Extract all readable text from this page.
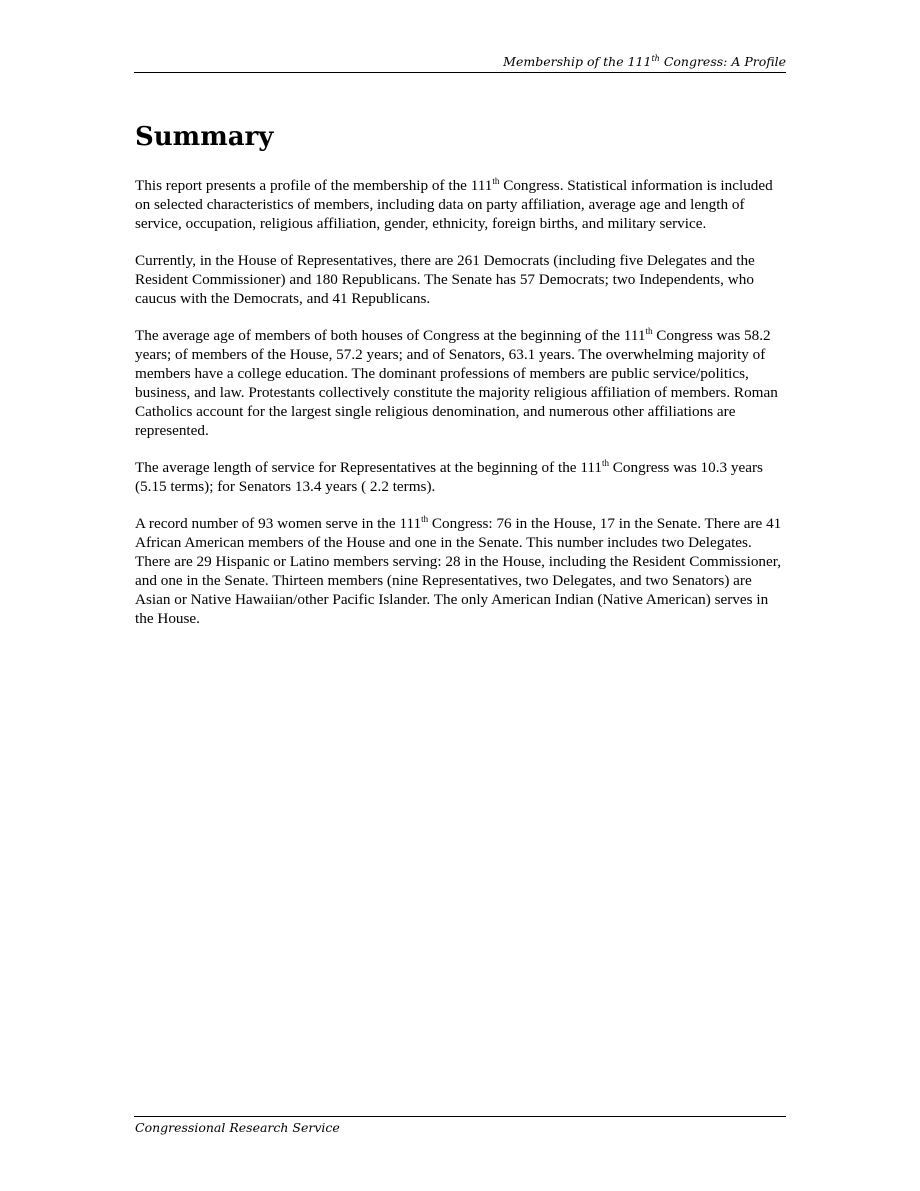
Membership of the 111th Congress: A Profile
Summary

This report presents a profile of the membership of the 111th Congress. Statistical information is included on selected characteristics of members, including data on party affiliation, average age and length of service, occupation, religious affiliation, gender, ethnicity, foreign births, and military service.

Currently, in the House of Representatives, there are 261 Democrats (including five Delegates and the Resident Commissioner) and 180 Republicans. The Senate has 57 Democrats; two Independents, who caucus with the Democrats, and 41 Republicans.

The average age of members of both houses of Congress at the beginning of the 111th Congress was 58.2 years; of members of the House, 57.2 years; and of Senators, 63.1 years. The overwhelming majority of members have a college education. The dominant professions of members are public service/politics, business, and law. Protestants collectively constitute the majority religious affiliation of members. Roman Catholics account for the largest single religious denomination, and numerous other affiliations are represented.

The average length of service for Representatives at the beginning of the 111th Congress was 10.3 years (5.15 terms); for Senators 13.4 years ( 2.2 terms).

A record number of 93 women serve in the 111th Congress: 76 in the House, 17 in the Senate. There are 41 African American members of the House and one in the Senate. This number includes two Delegates. There are 29 Hispanic or Latino members serving: 28 in the House, including the Resident Commissioner, and one in the Senate. Thirteen members (nine Representatives, two Delegates, and two Senators) are Asian or Native Hawaiian/other Pacific Islander. The only American Indian (Native American) serves in the House.

Congressional Research Service
